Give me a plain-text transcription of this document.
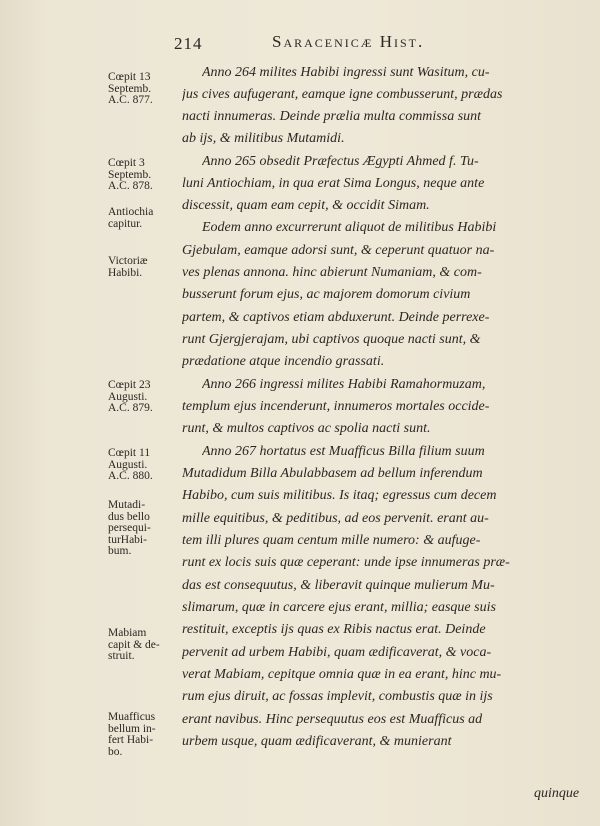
214	Saracenicæ Hist.
Cœpit 13
Septemb.
A.C. 877.
Cœpit 3
Septemb.
A.C. 878.
Antiochia
capitur.
Victoriæ
Habibi.
Cœpit 23
Augusti.
A.C. 879.
Cœpit 11
Augusti.
A.C. 880.
Mutadi-
dus bello
persequi-
turHabi-
bum.
Mabiam
capit & de-
struit.
Muafficus
bellum in-
fert Habi-
bo.
Anno 264 milites Habibi ingressi sunt Wasitum, cu-
jus cives aufugerant, eamque igne combusserunt, prædas
nacti innumeras. Deinde prælia multa commissa sunt
ab ijs, & militibus Mutamidi.
Anno 265 obsedit Præfectus Ægypti Ahmed f. Tu-
luni Antiochiam, in qua erat Sima Longus, neque ante
discessit, quam eam cepit, & occidit Simam.
Eodem anno excurrerunt aliquot de militibus Habibi
Gjebulam, eamque adorsi sunt, & ceperunt quatuor na-
ves plenas annona. hinc abierunt Numaniam, & com-
busserunt forum ejus, ac majorem domorum civium
partem, & captivos etiam abduxerunt. Deinde perrexe-
runt Gjergjerajam, ubi captivos quoque nacti sunt, &
prædatione atque incendio grassati.
Anno 266 ingressi milites Habibi Ramahormuzam,
templum ejus incenderunt, innumeros mortales occide-
runt, & multos captivos ac spolia nacti sunt.
Anno 267 hortatus est Muafficus Billa filium suum
Mutadidum Billa Abulabbasem ad bellum inferendum
Habibo, cum suis militibus. Is itaq; egressus cum decem
mille equitibus, & peditibus, ad eos pervenit. erant au-
tem illi plures quam centum mille numero: & aufuge-
runt ex locis suis quæ ceperant: unde ipse innumeras præ-
das est consequutus, & liberavit quinque mulierum Mu-
slimarum, quæ in carcere ejus erant, millia; easque suis
restituit, exceptis ijs quas ex Ribis nactus erat. Deinde
pervenit ad urbem Habibi, quam ædificaverat, & voca-
verat Mabiam, cepitque omnia quæ in ea erant, hinc mu-
rum ejus diruit, ac fossas implevit, combustis quæ in ijs
erant navibus. Hinc persequutus eos est Muafficus ad
urbem usque, quam ædificaverant, & munierant
quinque
